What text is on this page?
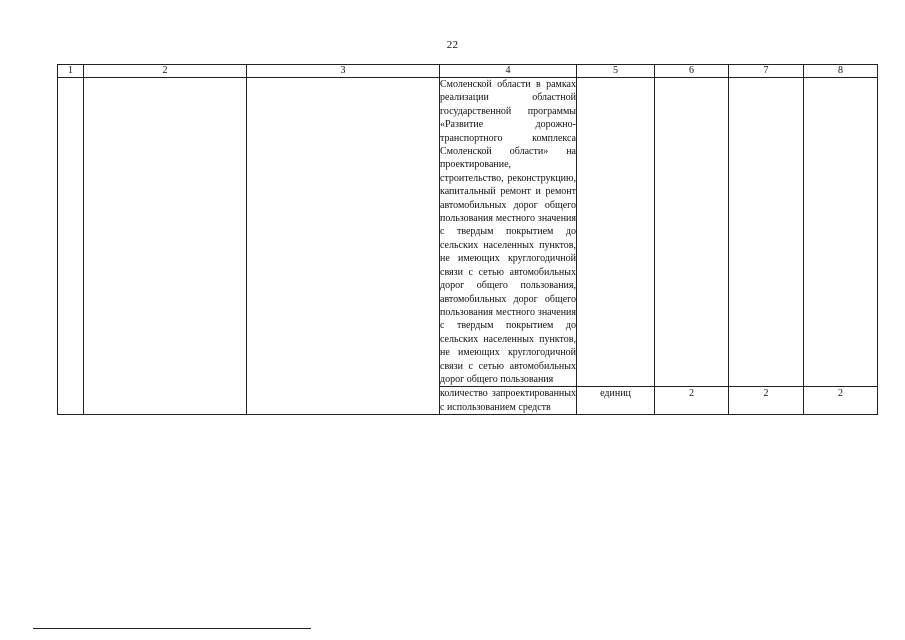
22
1	2	3	4	5	6	7	8
			Смоленской области в рамках реализации областной государственной программы «Развитие дорожно-транспортного комплекса Смоленской области» на проектирование, строительство, реконструкцию, капитальный ремонт и ремонт автомобильных дорог общего пользования местного значения с твердым покрытием до сельских населенных пунктов, не имеющих круглогодичной связи с сетью автомобильных дорог общего пользования, автомобильных дорог общего пользования местного значения с твердым покрытием до сельских населенных пунктов, не имеющих круглогодичной связи с сетью автомобильных дорог общего пользования				
			количество запроектированных с использованием средств	единиц	2	2	2
